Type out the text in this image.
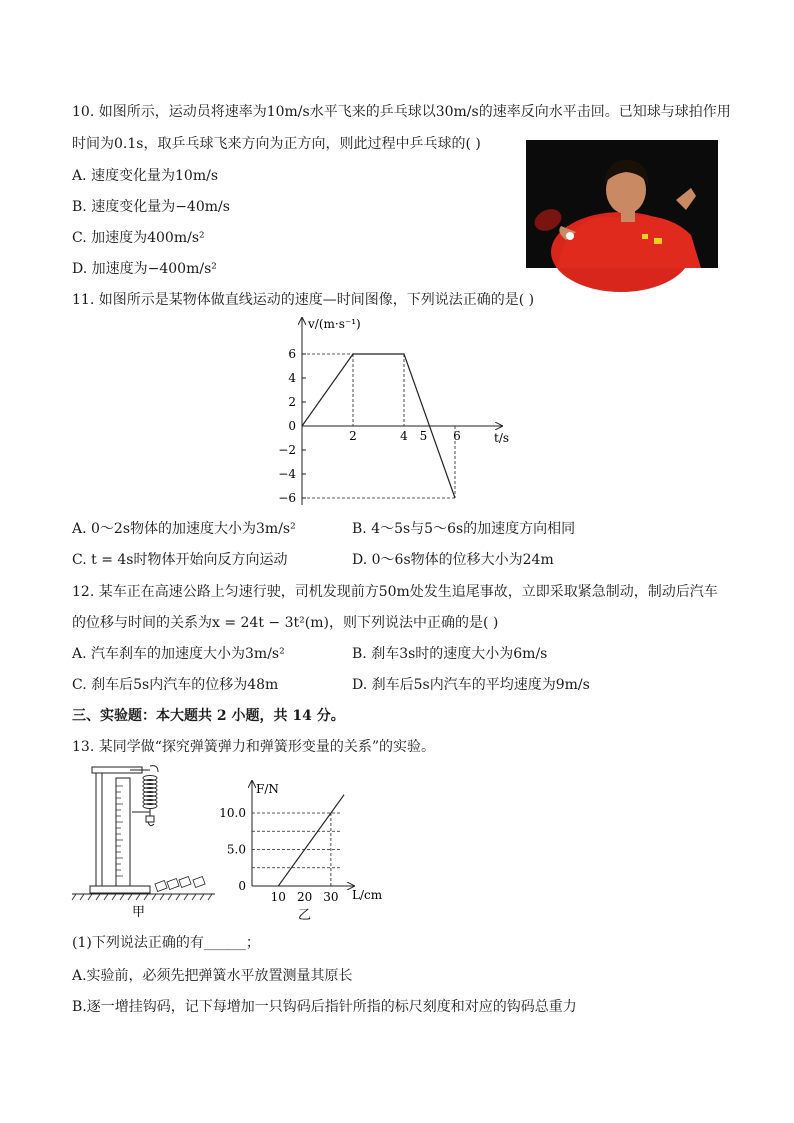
10. 如图所示，运动员将速率为10m/s水平飞来的乒乓球以30m/s的速率反向水平击回。已知球与球拍作用
时间为0.1s，取乒乓球飞来方向为正方向，则此过程中乒乓球的( )
A. 速度变化量为10m/s
B. 速度变化量为−40m/s
C. 加速度为400m/s²
D. 加速度为−400m/s²
11. 如图所示是某物体做直线运动的速度—时间图像，下列说法正确的是( )
v/(m·s⁻¹)
t/s
6
4
2
0
−2
−4
−6
2	4 5 6
A. 0～2s物体的加速度大小为3m/s²	B. 4～5s与5～6s的加速度方向相同
C. t = 4s时物体开始向反方向运动	D. 0～6s物体的位移大小为24m
12. 某车正在高速公路上匀速行驶，司机发现前方50m处发生追尾事故，立即采取紧急制动，制动后汽车
的位移与时间的关系为x = 24t − 3t²(m)，则下列说法中正确的是( )
A. 汽车刹车的加速度大小为3m/s²	B. 刹车3s时的速度大小为6m/s
C. 刹车后5s内汽车的位移为48m	D. 刹车后5s内汽车的平均速度为9m/s
三、实验题：本大题共 2 小题，共 14 分。
13. 某同学做“探究弹簧弹力和弹簧形变量的关系”的实验。
甲
F/N
L/cm
10.0
5.0
0
10 20 30
乙
(1)下列说法正确的有______；
A.实验前，必须先把弹簧水平放置测量其原长
B.逐一增挂钩码，记下每增加一只钩码后指针所指的标尺刻度和对应的钩码总重力
